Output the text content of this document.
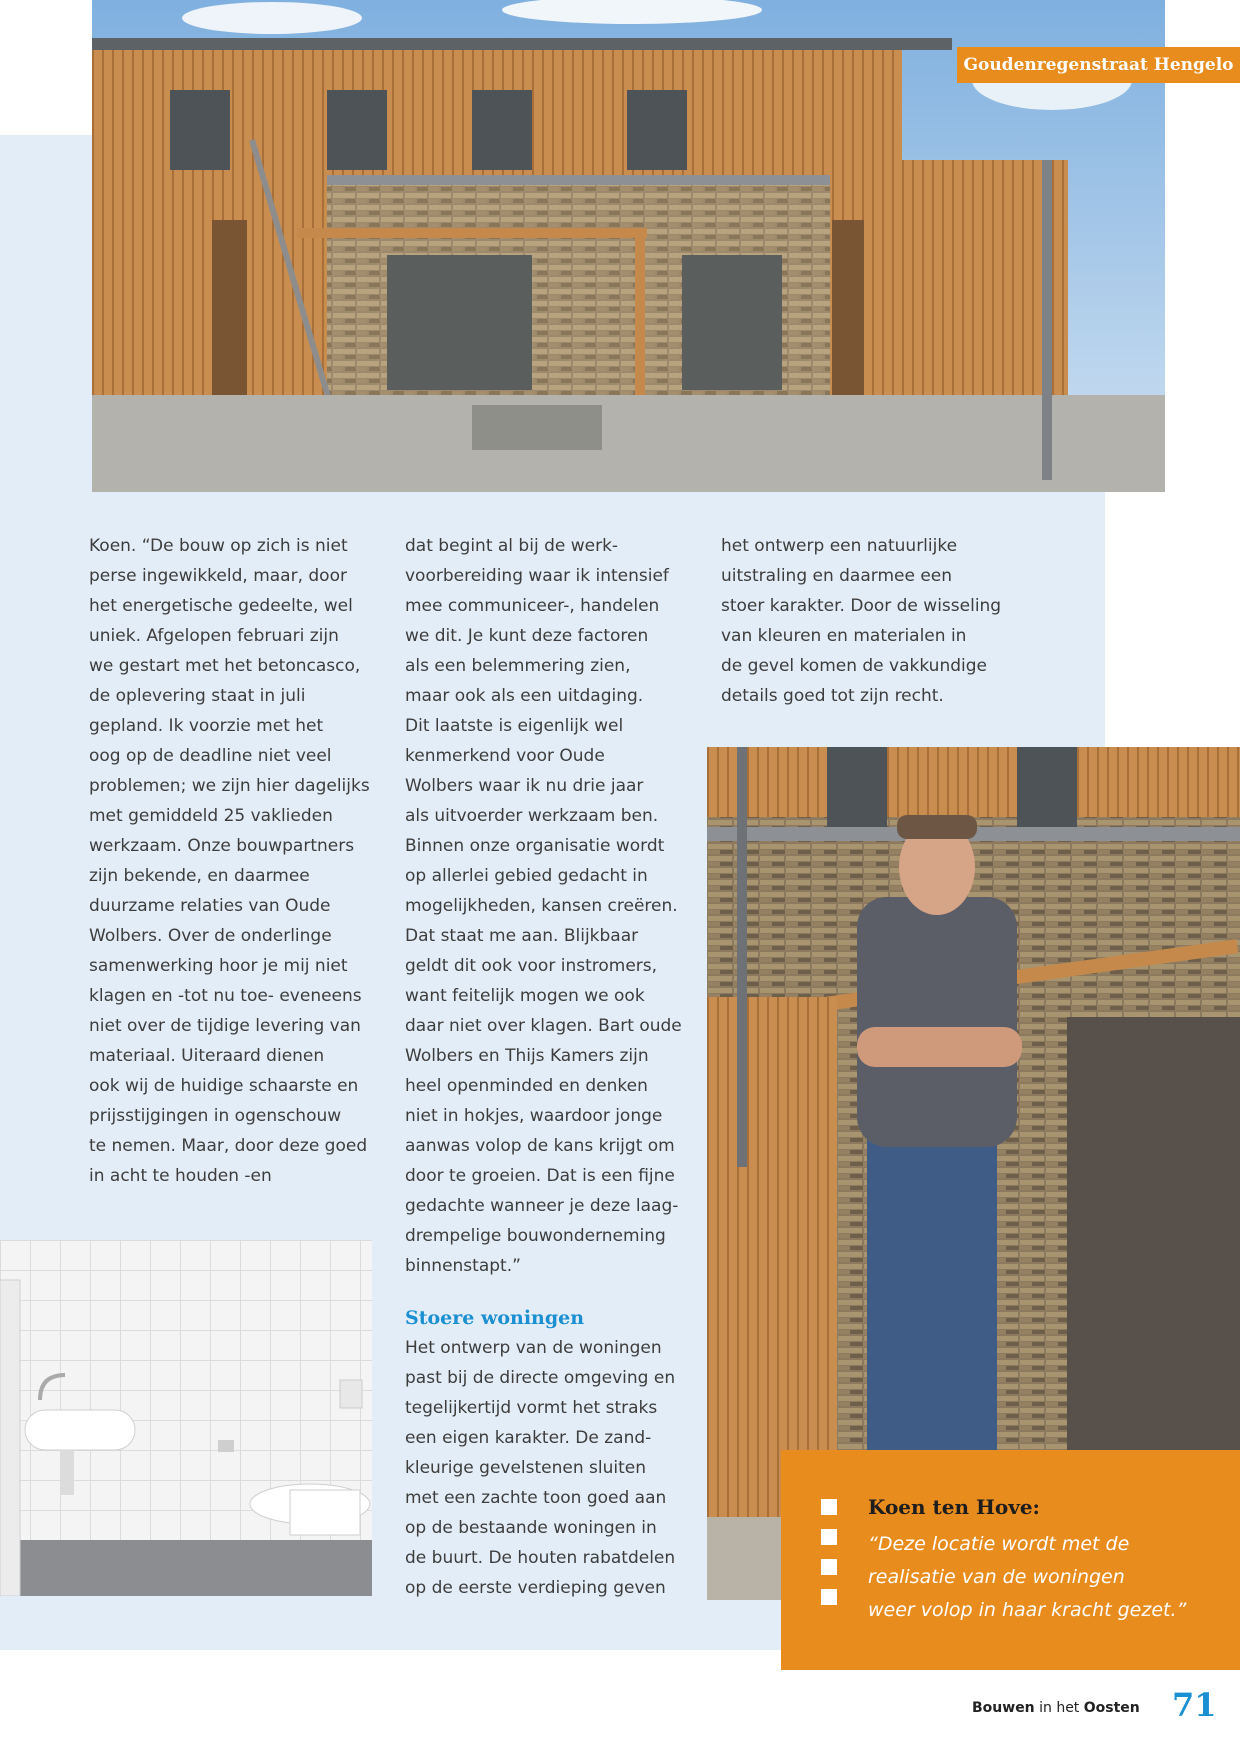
Goudenregenstraat Hengelo

Koen. “De bouw op zich is niet

perse ingewikkeld, maar, door

het energetische gedeelte, wel

uniek. Afgelopen februari zijn

we gestart met het betoncasco,

de oplevering staat in juli

gepland. Ik voorzie met het

oog op de deadline niet veel

problemen; we zijn hier dagelijks

met gemiddeld 25 vaklieden

werkzaam. Onze bouwpartners

zijn bekende, en daarmee

duurzame relaties van Oude

Wolbers. Over de onderlinge

samenwerking hoor je mij niet

klagen en -tot nu toe- eveneens

niet over de tijdige levering van

materiaal. Uiteraard dienen

ook wij de huidige schaarste en

prijsstijgingen in ogenschouw

te nemen. Maar, door deze goed

in acht te houden -en

dat begint al bij de werk-

voorbereiding waar ik intensief

mee communiceer-, handelen

we dit. Je kunt deze factoren

als een belemmering zien,

maar ook als een uitdaging.

Dit laatste is eigenlijk wel

kenmerkend voor Oude

Wolbers waar ik nu drie jaar

als uitvoerder werkzaam ben.

Binnen onze organisatie wordt

op allerlei gebied gedacht in

mogelijkheden, kansen creëren.

Dat staat me aan. Blijkbaar

geldt dit ook voor instromers,

want feitelijk mogen we ook

daar niet over klagen. Bart oude

Wolbers en Thijs Kamers zijn

heel openminded en denken

niet in hokjes, waardoor jonge

aanwas volop de kans krijgt om

door te groeien. Dat is een fijne

gedachte wanneer je deze laag-

drempelige bouwonderneming

binnenstapt.”

Stoere woningen

Het ontwerp van de woningen

past bij de directe omgeving en

tegelijkertijd vormt het straks

een eigen karakter. De zand-

kleurige gevelstenen sluiten

met een zachte toon goed aan

op de bestaande woningen in

de buurt. De houten rabatdelen

op de eerste verdieping geven

het ontwerp een natuurlijke

uitstraling en daarmee een

stoer karakter. Door de wisseling

van kleuren en materialen in

de gevel komen de vakkundige

details goed tot zijn recht.

Koen ten Hove:
“Deze locatie wordt met de
realisatie van de woningen
weer volop in haar kracht gezet.”
Bouwen in het Oosten 71
